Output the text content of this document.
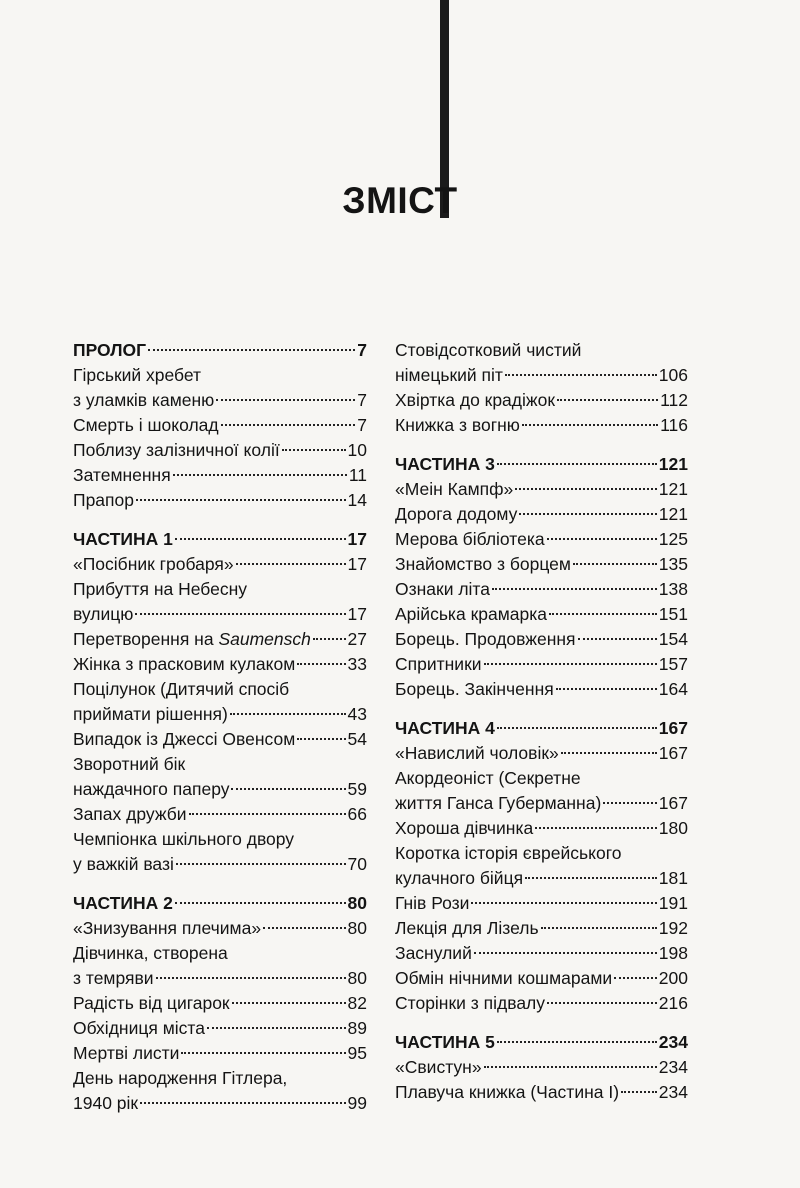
ЗМІСТ
ПРОЛОГ	7
Гірський хребет
з уламків каменю	7
Смерть і шоколад	7
Поблизу залізничної колії	10
Затемнення	11
Прапор	14
ЧАСТИНА 1	17
«Посібник гробаря»	17
Прибуття на Небесну
вулицю	17
Перетворення на Saumensch 27
Жінка з прасковим кулаком	33
Поцілунок (Дитячий спосіб
приймати рішення)	43
Випадок із Джессі Овенсом	54
Зворотний бік
наждачного паперу	59
Запах дружби	66
Чемпіонка шкільного двору
у важкій вазі	70
ЧАСТИНА 2	80
«Знизування плечима»	80
Дівчинка, створена
з темряви	80
Радість від цигарок	82
Обхідниця міста	89
Мертві листи	95
День народження Гітлера,
1940 рік	99
Стовідсотковий чистий
німецький піт	106
Хвіртка до крадіжок	112
Книжка з вогню	116
ЧАСТИНА 3	121
«Меін Кампф»	121
Дорога додому	121
Мерова бібліотека	125
Знайомство з борцем	135
Ознаки літа	138
Арійська крамарка	151
Борець. Продовження	154
Спритники	157
Борець. Закінчення	164
ЧАСТИНА 4	167
«Навислий чоловік»	167
Акордеоніст (Секретне
життя Ганса Губерманна)	167
Хороша дівчинка	180
Коротка історія єврейського
кулачного бійця	181
Гнів Рози	191
Лекція для Лізель	192
Заснулий	198
Обмін нічними кошмарами	200
Сторінки з підвалу	216
ЧАСТИНА 5	234
«Свистун»	234
Плавуча книжка (Частина I) 234
